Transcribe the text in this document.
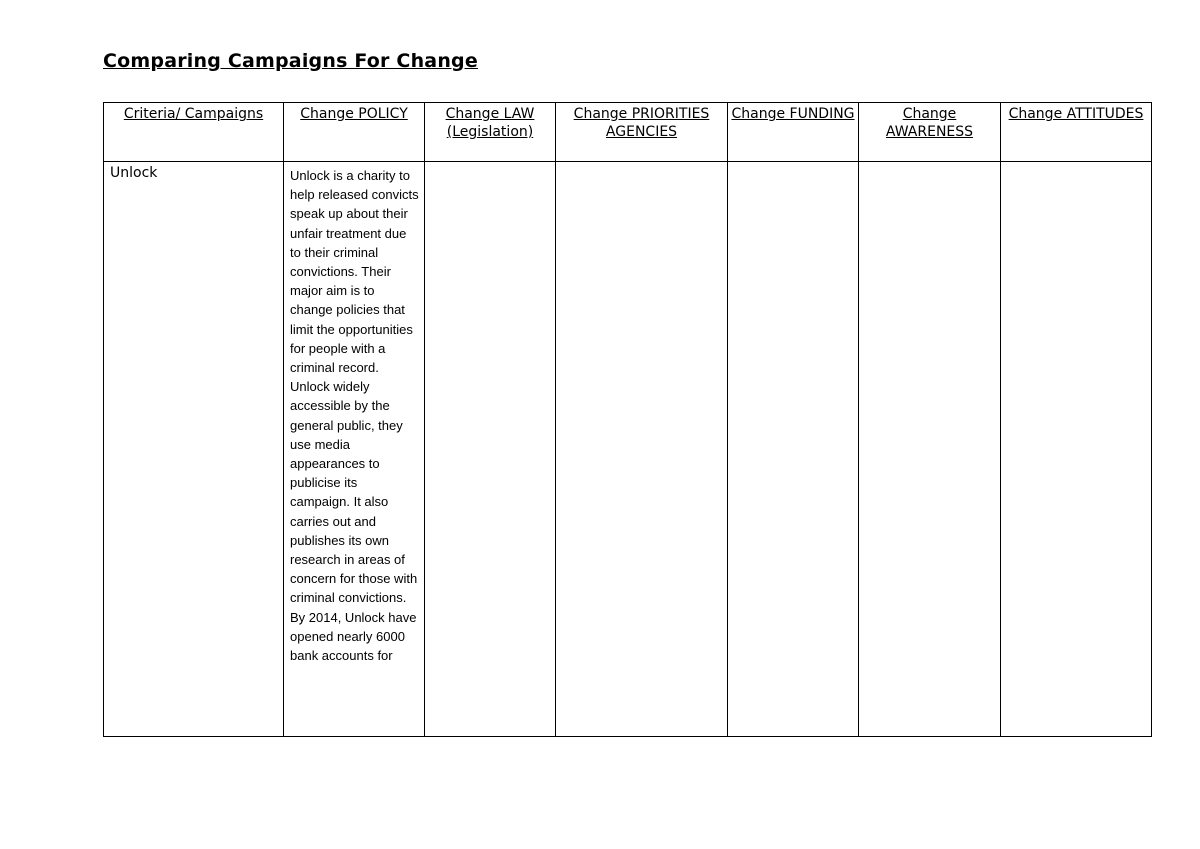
Comparing Campaigns For Change
Criteria/ Campaigns	Change POLICY	Change LAW (Legislation)	Change PRIORITIES AGENCIES	Change FUNDING	Change AWARENESS	Change ATTITUDES
Unlock	Unlock is a charity to help released convicts speak up about their unfair treatment due to their criminal convictions. Their major aim is to change policies that limit the opportunities for people with a criminal record. Unlock widely accessible by the general public, they use media appearances to publicise its campaign. It also carries out and publishes its own research in areas of concern for those with criminal convictions. By 2014, Unlock have opened nearly 6000 bank accounts for					
